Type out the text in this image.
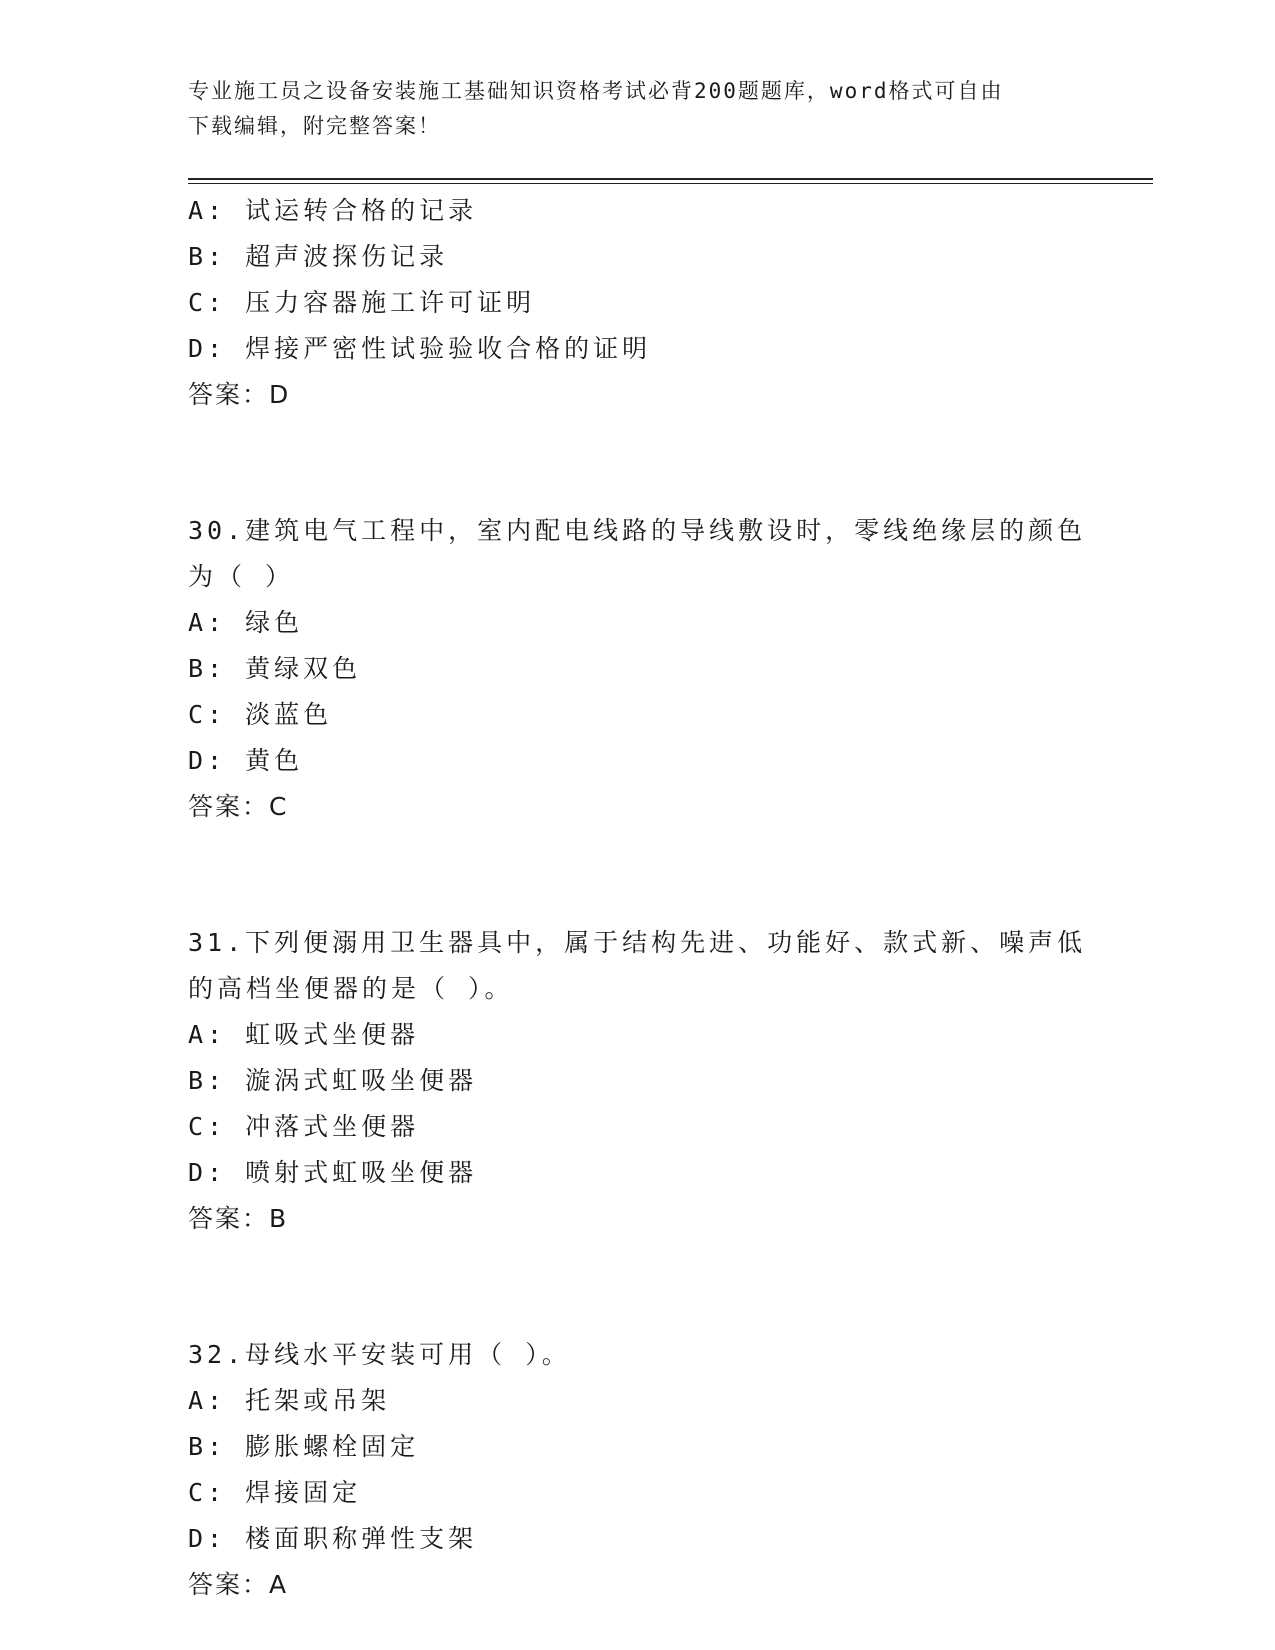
专业施工员之设备安装施工基础知识资格考试必背200题题库，word格式可自由
下载编辑，附完整答案！
A: 试运转合格的记录
B: 超声波探伤记录
C: 压力容器施工许可证明
D: 焊接严密性试验验收合格的证明
答案：D
30.建筑电气工程中，室内配电线路的导线敷设时，零线绝缘层的颜色
为（ ）
A: 绿色
B: 黄绿双色
C: 淡蓝色
D: 黄色
答案：C
31.下列便溺用卫生器具中，属于结构先进、功能好、款式新、噪声低
的高档坐便器的是（ ）。
A: 虹吸式坐便器
B: 漩涡式虹吸坐便器
C: 冲落式坐便器
D: 喷射式虹吸坐便器
答案：B
32.母线水平安装可用（ ）。
A: 托架或吊架
B: 膨胀螺栓固定
C: 焊接固定
D: 楼面职称弹性支架
答案：A
